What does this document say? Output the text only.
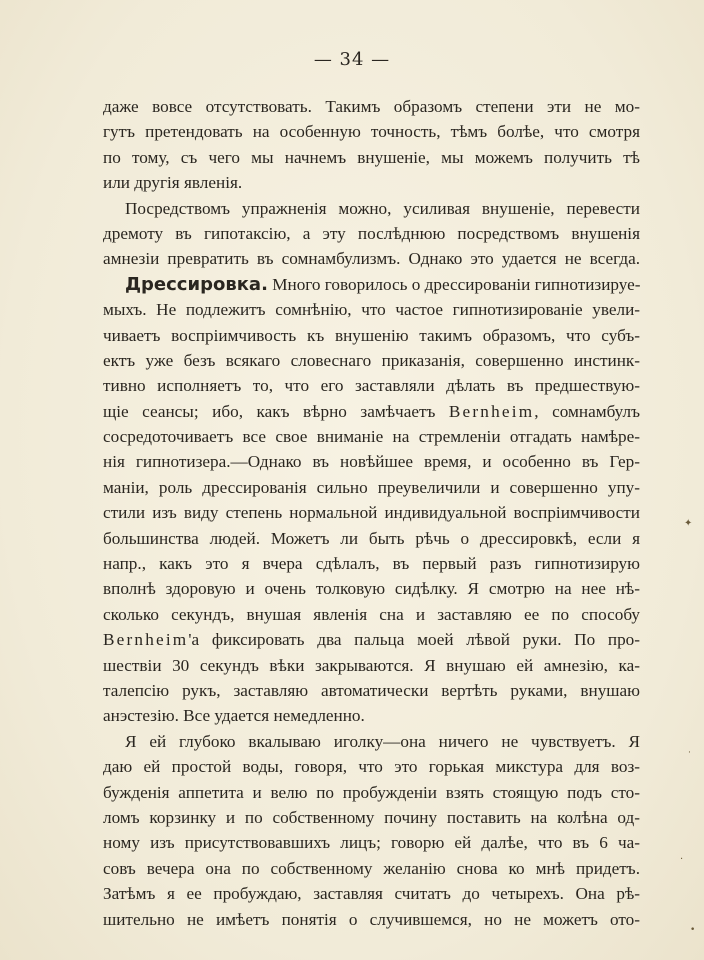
— 34 —
даже вовсе отсутствовать. Такимъ образомъ степени эти не мо-
гутъ претендовать на особенную точность, тѣмъ болѣе, что смотря
по тому, съ чего мы начнемъ внушеніе, мы можемъ получить тѣ
или другія явленія.
Посредствомъ упражненія можно, усиливая внушеніе, перевести
дремоту въ гипотаксію, а эту послѣднюю посредствомъ внушенія
амнезіи превратить въ сомнамбулизмъ. Однако это удается не всегда.
Дрессировка. Много говорилось о дрессированіи гипнотизируе-
мыхъ. Не подлежитъ сомнѣнію, что частое гипнотизированіе увели-
чиваетъ воспріимчивость къ внушенію такимъ образомъ, что субъ-
ектъ уже безъ всякаго словеснаго приказанія, совершенно инстинк-
тивно исполняетъ то, что его заставляли дѣлать въ предшествую-
щіе сеансы; ибо, какъ вѣрно замѣчаетъ Bernheim, сомнамбулъ
сосредоточиваетъ все свое вниманіе на стремленіи отгадать намѣре-
нія гипнотизера.—Однако въ новѣйшее время, и особенно въ Гер-
маніи, роль дрессированія сильно преувеличили и совершенно упу-
стили изъ виду степень нормальной индивидуальной воспріимчивости
большинства людей. Можетъ ли быть рѣчь о дрессировкѣ, если я
напр., какъ это я вчера сдѣлалъ, въ первый разъ гипнотизирую
вполнѣ здоровую и очень толковую сидѣлку. Я смотрю на нее нѣ-
сколько секундъ, внушая явленія сна и заставляю ее по способу
Bernheim'а фиксировать два пальца моей лѣвой руки. По про-
шествіи 30 секундъ вѣки закрываются. Я внушаю ей амнезію, ка-
талепсію рукъ, заставляю автоматически вертѣть руками, внушаю
анэстезію. Все удается немедленно.
Я ей глубоко вкалываю иголку—она ничего не чувствуетъ. Я
даю ей простой воды, говоря, что это горькая микстура для воз-
бужденія аппетита и велю по пробужденіи взять стоящую подъ сто-
ломъ корзинку и по собственному почину поставить на колѣна од-
ному изъ присутствовавшихъ лицъ; говорю ей далѣе, что въ 6 ча-
совъ вечера она по собственному желанію снова ко мнѣ придетъ.
Затѣмъ я ее пробуждаю, заставляя считатъ до четырехъ. Она рѣ-
шительно не имѣетъ понятія о случившемся, но не можетъ ото-
✦
·
·
•
